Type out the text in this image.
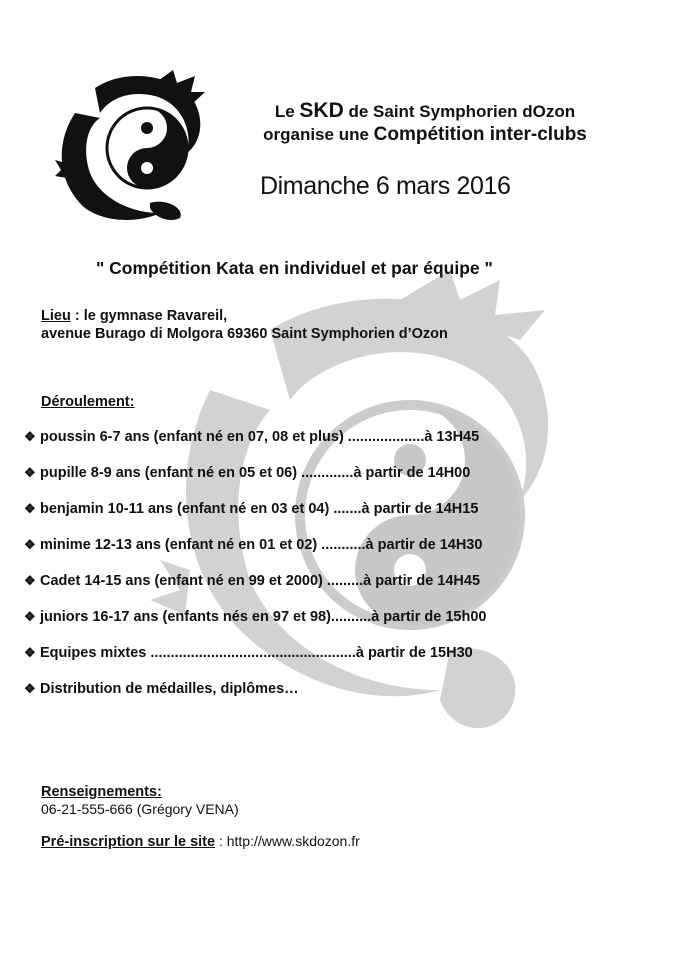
Le SKD de Saint Symphorien dOzon
organise une Compétition inter-clubs
Dimanche 6 mars 2016
" Compétition Kata en individuel et par équipe "
Lieu : le gymnase Ravareil,
avenue Burago di Molgora 69360 Saint Symphorien d’Ozon
Déroulement:
❖ poussin 6-7 ans (enfant né en 07, 08 et plus) ...................à 13H45
❖ pupille 8-9 ans (enfant né en 05 et 06) .............à partir de 14H00
❖ benjamin 10-11 ans (enfant né en 03 et 04) .......à partir de 14H15
❖ minime 12-13 ans (enfant né en 01 et 02) ...........à partir de 14H30
❖ Cadet 14-15 ans (enfant né en 99 et 2000) .........à partir de 14H45
❖ juniors 16-17 ans (enfants nés en 97 et 98)..........à partir de 15h00
❖ Equipes mixtes ...................................................à partir de 15H30
❖ Distribution de médailles, diplômes…
Renseignements:
06-21-555-666 (Grégory VENA)
Pré-inscription sur le site : http://www.skdozon.fr
